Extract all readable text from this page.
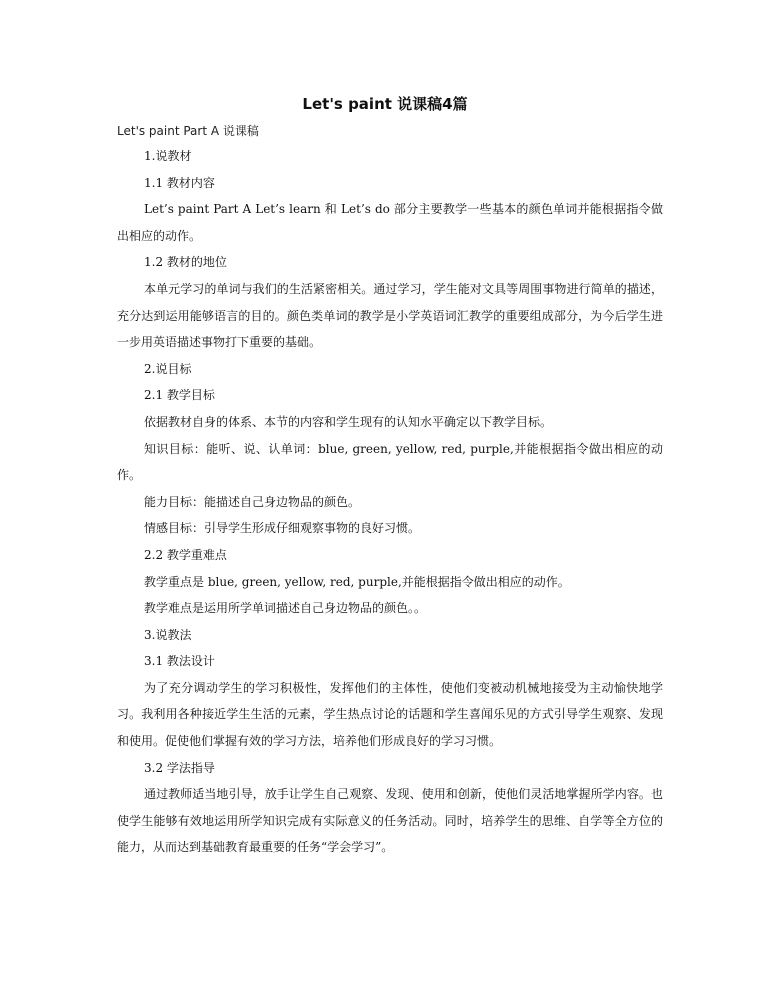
Let's paint 说课稿4篇
Let's paint Part A 说课稿

1.说教材

1.1 教材内容

Let’s paint Part A Let’s learn 和 Let’s do 部分主要教学一些基本的颜色单词并能根据指令做出相应的动作。

1.2 教材的地位

本单元学习的单词与我们的生活紧密相关。通过学习，学生能对文具等周围事物进行简单的描述，充分达到运用能够语言的目的。颜色类单词的教学是小学英语词汇教学的重要组成部分，为今后学生进一步用英语描述事物打下重要的基础。

2.说目标

2.1 教学目标

依据教材自身的体系、本节的内容和学生现有的认知水平确定以下教学目标。

知识目标：能听、说、认单词：blue, green, yellow, red, purple,并能根据指令做出相应的动作。

能力目标：能描述自己身边物品的颜色。

情感目标：引导学生形成仔细观察事物的良好习惯。

2.2 教学重难点

教学重点是 blue, green, yellow, red, purple,并能根据指令做出相应的动作。

教学难点是运用所学单词描述自己身边物品的颜色。。

3.说教法

3.1 教法设计

为了充分调动学生的学习积极性，发挥他们的主体性，使他们变被动机械地接受为主动愉快地学习。我利用各种接近学生生活的元素，学生热点讨论的话题和学生喜闻乐见的方式引导学生观察、发现和使用。促使他们掌握有效的学习方法，培养他们形成良好的学习习惯。

3.2 学法指导

通过教师适当地引导，放手让学生自己观察、发现、使用和创新，使他们灵活地掌握所学内容。也使学生能够有效地运用所学知识完成有实际意义的任务活动。同时，培养学生的思维、自学等全方位的能力，从而达到基础教育最重要的任务“学会学习”。
